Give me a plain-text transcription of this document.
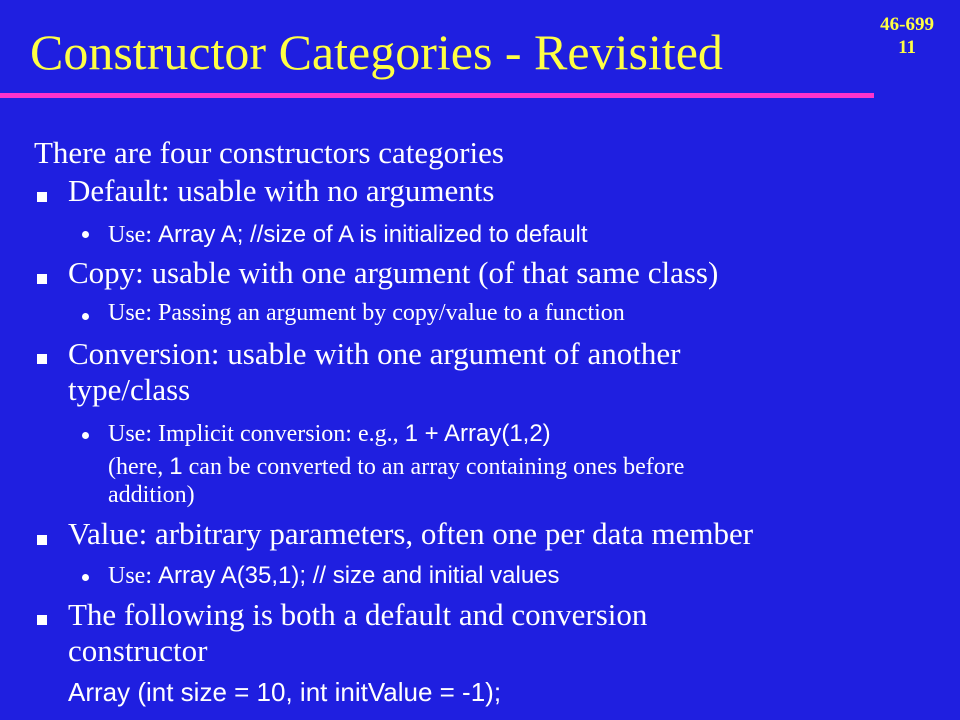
46-699
11
Constructor Categories - Revisited
There are four constructors categories
Default: usable with no arguments
Use: Array A; //size of A is initialized to default
Copy: usable with one argument (of that same class)
Use: Passing an argument by copy/value to a function
Conversion: usable with one argument of another
type/class
Use: Implicit conversion: e.g., 1 + Array(1,2)
(here, 1 can be converted to an array containing ones before
addition)
Value: arbitrary parameters, often one per data member
Use: Array A(35,1); // size and initial values
The following is both a default and conversion
constructor
Array (int size = 10, int initValue = -1);
